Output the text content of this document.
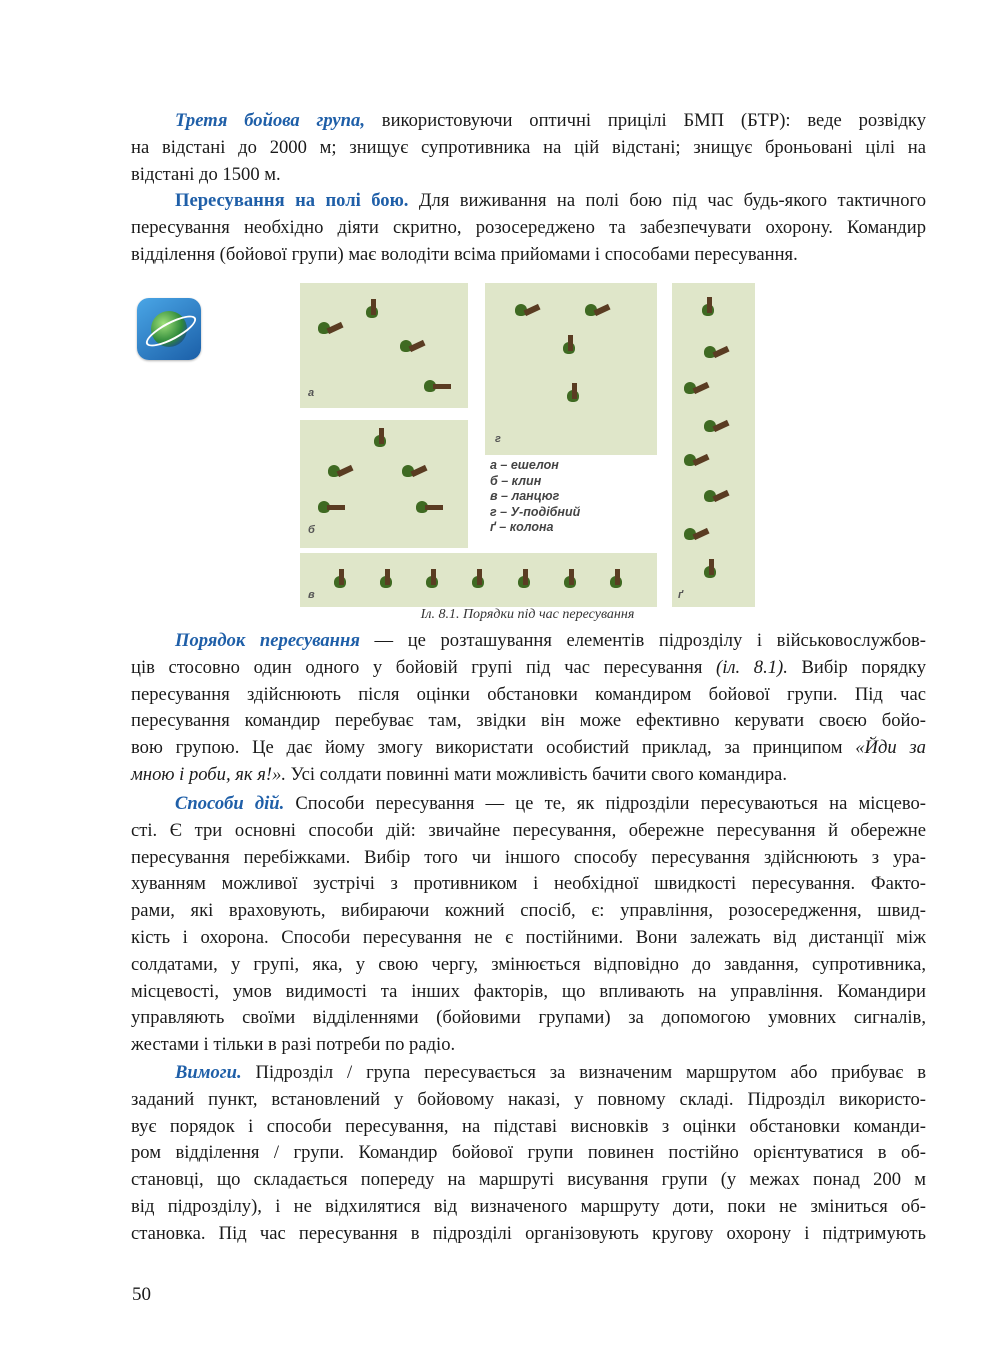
Третя бойова група, використовуючи оптичні прицілі БМП (БТР): веде розвідку
на відстані до 2000 м; знищує супротивника на цій відстані; знищує броньовані цілі на
відстані до 1500 м.
Пересування на полі бою. Для виживання на полі бою під час будь-якого тактичного
пересування необхідно діяти скритно, розосереджено та забезпечувати охорону. Командир
відділення (бойової групи) має володіти всіма прийомами і способами пересування.
а
б
г
а – ешелон
б – клин
в – ланцюг
г – У-подібний
ґ – колона
в	ґ
Іл. 8.1. Порядки під час пересування
Порядок пересування — це розташування елементів підрозділу і військовослужбов-
ців стосовно один одного у бойовій групі під час пересування (іл. 8.1). Вибір порядку
пересування здійснюють після оцінки обстановки командиром бойової групи. Під час
пересування командир перебуває там, звідки він може ефективно керувати своєю бойо-
вою групою. Це дає йому змогу використати особистий приклад, за принципом «Йди за
мною і роби, як я!». Усі солдати повинні мати можливість бачити свого командира.
Способи дій. Способи пересування — це те, як підрозділи пересуваються на місцево-
сті. Є три основні способи дій: звичайне пересування, обережне пересування й обережне
пересування перебіжками. Вибір того чи іншого способу пересування здійснюють з ура-
хуванням можливої зустрічі з противником і необхідної швидкості пересування. Факто-
рами, які враховують, вибираючи кожний спосіб, є: управління, розосередження, швид-
кість і охорона. Способи пересування не є постійними. Вони залежать від дистанції між
солдатами, у групі, яка, у свою чергу, змінюється відповідно до завдання, супротивника,
місцевості, умов видимості та інших факторів, що впливають на управління. Командири
управляють своїми відділеннями (бойовими групами) за допомогою умовних сигналів,
жестами і тільки в разі потреби по радіо.
Вимоги. Підрозділ / група пересувається за визначеним маршрутом або прибуває в
заданий пункт, встановлений у бойовому наказі, у повному складі. Підрозділ використо-
вує порядок і способи пересування, на підставі висновків з оцінки обстановки команди-
ром відділення / групи. Командир бойової групи повинен постійно орієнтуватися в об-
становці, що складається попереду на маршруті висування групи (у межах понад 200 м
від підрозділу), і не відхилятися від визначеного маршруту доти, поки не зміниться об-
становка. Під час пересування в підрозділі організовують кругову охорону і підтримують
50
